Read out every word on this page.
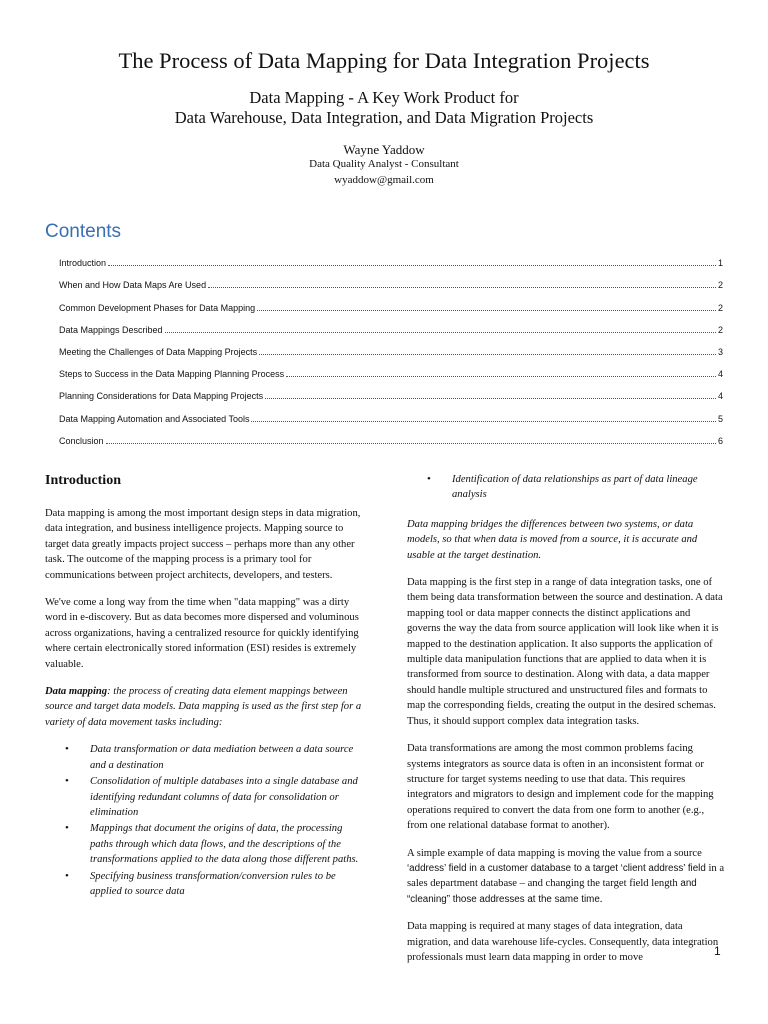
The Process of Data Mapping for Data Integration Projects
Data Mapping - A Key Work Product for
Data Warehouse, Data Integration, and Data Migration Projects
Wayne Yaddow
Data Quality Analyst - Consultant
wyaddow@gmail.com
Contents
Introduction	1
When and How Data Maps Are Used	2
Common Development Phases for Data Mapping	2
Data Mappings Described	2
Meeting the Challenges of Data Mapping Projects	3
Steps to Success in the Data Mapping Planning Process	4
Planning Considerations for Data Mapping Projects	4
Data Mapping Automation and Associated Tools	5
Conclusion	6
Introduction

Data mapping is among the most important design steps in data migration, data integration, and business intelligence projects. Mapping source to target data greatly impacts project success – perhaps more than any other task. The outcome of the mapping process is a primary tool for communications between project architects, developers, and testers.

We've come a long way from the time when "data mapping" was a dirty word in e-discovery. But as data becomes more dispersed and voluminous across organizations, having a centralized resource for quickly identifying where certain electronically stored information (ESI) resides is extremely valuable.

Data mapping: the process of creating data element mappings between source and target data models. Data mapping is used as the first step for a variety of data movement tasks including:

• Data transformation or data mediation between a data source and a destination
• Consolidation of multiple databases into a single database and identifying redundant columns of data for consolidation or elimination
• Mappings that document the origins of data, the processing paths through which data flows, and the descriptions of the transformations applied to the data along those different paths.
• Specifying business transformation/conversion rules to be applied to source data
• Identification of data relationships as part of data lineage analysis

Data mapping bridges the differences between two systems, or data models, so that when data is moved from a source, it is accurate and usable at the target destination.

Data mapping is the first step in a range of data integration tasks, one of them being data transformation between the source and destination. A data mapping tool or data mapper connects the distinct applications and governs the way the data from source application will look like when it is mapped to the destination application. It also supports the application of multiple data manipulation functions that are applied to data when it is transformed from source to destination. Along with data, a data mapper should handle multiple structured and unstructured files and formats to map the corresponding fields, creating the output in the desired schemas. Thus, it should support complex data integration tasks.

Data transformations are among the most common problems facing systems integrators as source data is often in an inconsistent format or structure for target systems needing to use that data. This requires integrators and migrators to design and implement code for the mapping operations required to convert the data from one form to another (e.g., from one relational database format to another).

A simple example of data mapping is moving the value from a source ‘address’ field in a customer database to a target ‘client address’ field in a sales department database – and changing the target field length and “cleaning” those addresses at the same time.

Data mapping is required at many stages of data integration, data migration, and data warehouse life-cycles. Consequently, data integration professionals must learn data mapping in order to move	1
